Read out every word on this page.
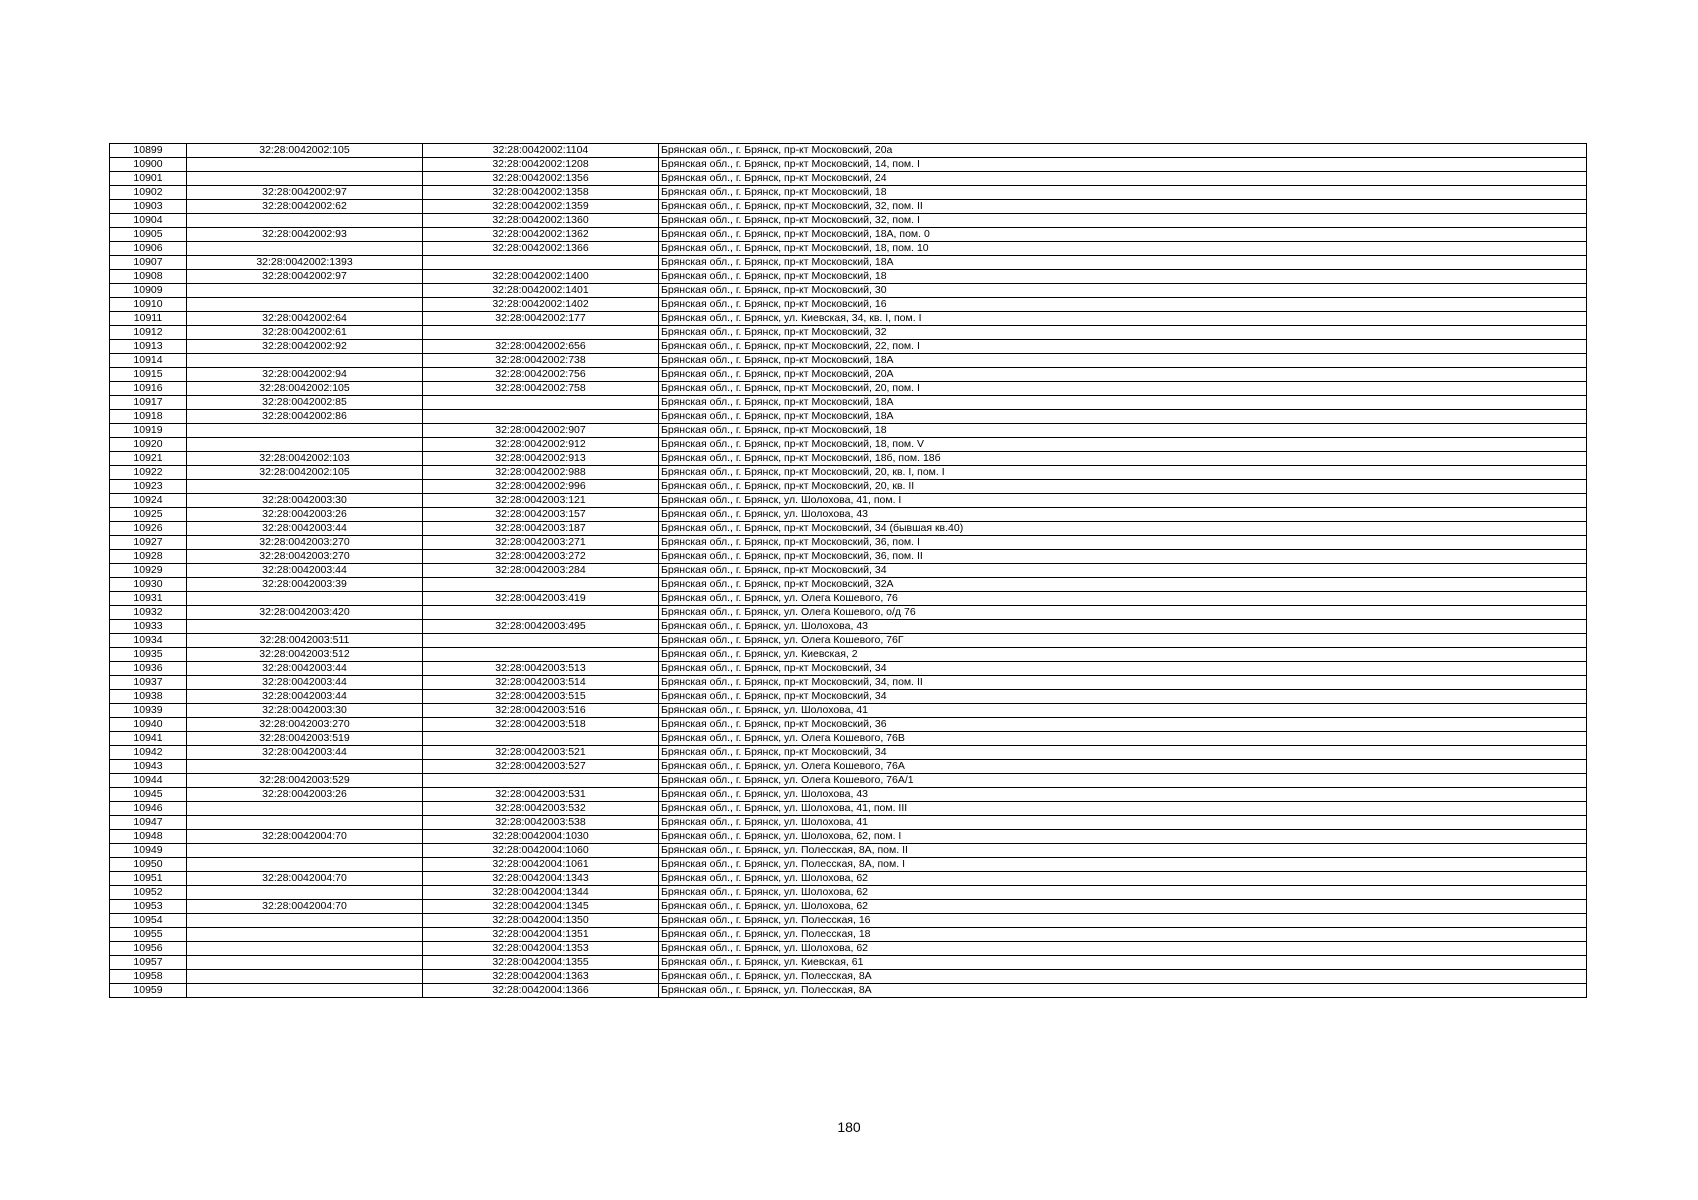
10899	32:28:0042002:105	32:28:0042002:1104	Брянская обл., г. Брянск, пр-кт Московский, 20а
10900		32:28:0042002:1208	Брянская обл., г. Брянск, пр-кт Московский, 14, пом. I
10901		32:28:0042002:1356	Брянская обл., г. Брянск, пр-кт Московский, 24
10902	32:28:0042002:97	32:28:0042002:1358	Брянская обл., г. Брянск, пр-кт Московский, 18
10903	32:28:0042002:62	32:28:0042002:1359	Брянская обл., г. Брянск, пр-кт Московский, 32, пом. II
10904		32:28:0042002:1360	Брянская обл., г. Брянск, пр-кт Московский, 32, пом. I
10905	32:28:0042002:93	32:28:0042002:1362	Брянская обл., г. Брянск, пр-кт Московский, 18А, пом. 0
10906		32:28:0042002:1366	Брянская обл., г. Брянск, пр-кт Московский, 18, пом. 10
10907	32:28:0042002:1393		Брянская обл., г. Брянск, пр-кт Московский, 18А
10908	32:28:0042002:97	32:28:0042002:1400	Брянская обл., г. Брянск, пр-кт Московский, 18
10909		32:28:0042002:1401	Брянская обл., г. Брянск, пр-кт Московский, 30
10910		32:28:0042002:1402	Брянская обл., г. Брянск, пр-кт Московский, 16
10911	32:28:0042002:64	32:28:0042002:177	Брянская обл., г. Брянск, ул. Киевская, 34, кв. I, пом. I
10912	32:28:0042002:61		Брянская обл., г. Брянск, пр-кт Московский, 32
10913	32:28:0042002:92	32:28:0042002:656	Брянская обл., г. Брянск, пр-кт Московский, 22, пом. I
10914		32:28:0042002:738	Брянская обл., г. Брянск, пр-кт Московский, 18А
10915	32:28:0042002:94	32:28:0042002:756	Брянская обл., г. Брянск, пр-кт Московский, 20А
10916	32:28:0042002:105	32:28:0042002:758	Брянская обл., г. Брянск, пр-кт Московский, 20, пом. I
10917	32:28:0042002:85		Брянская обл., г. Брянск, пр-кт Московский, 18А
10918	32:28:0042002:86		Брянская обл., г. Брянск, пр-кт Московский, 18А
10919		32:28:0042002:907	Брянская обл., г. Брянск, пр-кт Московский, 18
10920		32:28:0042002:912	Брянская обл., г. Брянск, пр-кт Московский, 18, пом. V
10921	32:28:0042002:103	32:28:0042002:913	Брянская обл., г. Брянск, пр-кт Московский, 18б, пом. 18б
10922	32:28:0042002:105	32:28:0042002:988	Брянская обл., г. Брянск, пр-кт Московский, 20, кв. I, пом. I
10923		32:28:0042002:996	Брянская обл., г. Брянск, пр-кт Московский, 20, кв. II
10924	32:28:0042003:30	32:28:0042003:121	Брянская обл., г. Брянск, ул. Шолохова, 41, пом. I
10925	32:28:0042003:26	32:28:0042003:157	Брянская обл., г. Брянск, ул. Шолохова, 43
10926	32:28:0042003:44	32:28:0042003:187	Брянская обл., г. Брянск, пр-кт Московский, 34 (бывшая кв.40)
10927	32:28:0042003:270	32:28:0042003:271	Брянская обл., г. Брянск, пр-кт Московский, 36, пом. I
10928	32:28:0042003:270	32:28:0042003:272	Брянская обл., г. Брянск, пр-кт Московский, 36, пом. II
10929	32:28:0042003:44	32:28:0042003:284	Брянская обл., г. Брянск, пр-кт Московский, 34
10930	32:28:0042003:39		Брянская обл., г. Брянск, пр-кт Московский, 32А
10931		32:28:0042003:419	Брянская обл., г. Брянск, ул. Олега Кошевого, 76
10932	32:28:0042003:420		Брянская обл., г. Брянск, ул. Олега Кошевого, о/д 76
10933		32:28:0042003:495	Брянская обл., г. Брянск, ул. Шолохова, 43
10934	32:28:0042003:511		Брянская обл., г. Брянск, ул. Олега Кошевого, 76Г
10935	32:28:0042003:512		Брянская обл., г. Брянск, ул. Киевская, 2
10936	32:28:0042003:44	32:28:0042003:513	Брянская обл., г. Брянск, пр-кт Московский, 34
10937	32:28:0042003:44	32:28:0042003:514	Брянская обл., г. Брянск, пр-кт Московский, 34, пом. II
10938	32:28:0042003:44	32:28:0042003:515	Брянская обл., г. Брянск, пр-кт Московский, 34
10939	32:28:0042003:30	32:28:0042003:516	Брянская обл., г. Брянск, ул. Шолохова, 41
10940	32:28:0042003:270	32:28:0042003:518	Брянская обл., г. Брянск, пр-кт Московский, 36
10941	32:28:0042003:519		Брянская обл., г. Брянск, ул. Олега Кошевого, 76В
10942	32:28:0042003:44	32:28:0042003:521	Брянская обл., г. Брянск, пр-кт Московский, 34
10943		32:28:0042003:527	Брянская обл., г. Брянск, ул. Олега Кошевого, 76А
10944	32:28:0042003:529		Брянская обл., г. Брянск, ул. Олега Кошевого, 76А/1
10945	32:28:0042003:26	32:28:0042003:531	Брянская обл., г. Брянск, ул. Шолохова, 43
10946		32:28:0042003:532	Брянская обл., г. Брянск, ул. Шолохова, 41, пом. III
10947		32:28:0042003:538	Брянская обл., г. Брянск, ул. Шолохова, 41
10948	32:28:0042004:70	32:28:0042004:1030	Брянская обл., г. Брянск, ул. Шолохова, 62, пом. I
10949		32:28:0042004:1060	Брянская обл., г. Брянск, ул. Полесская, 8А, пом. II
10950		32:28:0042004:1061	Брянская обл., г. Брянск, ул. Полесская, 8А, пом. I
10951	32:28:0042004:70	32:28:0042004:1343	Брянская обл., г. Брянск, ул. Шолохова, 62
10952		32:28:0042004:1344	Брянская обл., г. Брянск, ул. Шолохова, 62
10953	32:28:0042004:70	32:28:0042004:1345	Брянская обл., г. Брянск, ул. Шолохова, 62
10954		32:28:0042004:1350	Брянская обл., г. Брянск, ул. Полесская, 16
10955		32:28:0042004:1351	Брянская обл., г. Брянск, ул. Полесская, 18
10956		32:28:0042004:1353	Брянская обл., г. Брянск, ул. Шолохова, 62
10957		32:28:0042004:1355	Брянская обл., г. Брянск, ул. Киевская, 61
10958		32:28:0042004:1363	Брянская обл., г. Брянск, ул. Полесская, 8А
10959		32:28:0042004:1366	Брянская обл., г. Брянск, ул. Полесская, 8А
180
